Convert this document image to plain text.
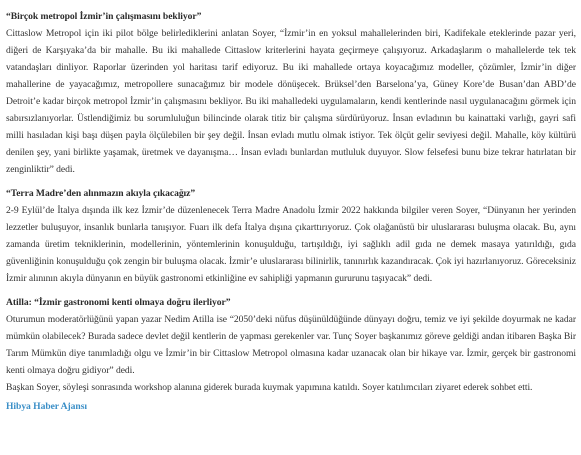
“Birçok metropol İzmir’in çalışmasını bekliyor”

Cittaslow Metropol için iki pilot bölge belirlediklerini anlatan Soyer, “İzmir’in en yoksul mahallelerinden biri, Kadifekale eteklerinde pazar yeri, diğeri de Karşıyaka’da bir mahalle. Bu iki mahallede Cittaslow kriterlerini hayata geçirmeye çalışıyoruz. Arkadaşlarım o mahallelerde tek tek vatandaşları dinliyor. Raporlar üzerinden yol haritası tarif ediyoruz. Bu iki mahallede ortaya koyacağımız modeller, çözümler, İzmir’in diğer mahallerine de yayacağımız, metropollere sunacağımız bir modele dönüşecek. Brüksel’den Barselona’ya, Güney Kore’de Busan’dan ABD’de Detroit’e kadar birçok metropol İzmir’in çalışmasını bekliyor. Bu iki mahalledeki uygulamaların, kendi kentlerinde nasıl uygulanacağını görmek için sabırsızlanıyorlar. Üstlendiğimiz bu sorumluluğun bilincinde olarak titiz bir çalışma sürdürüyoruz. İnsan evladının bu kainattaki varlığı, gayri safi milli hasıladan kişi başı düşen payla ölçülebilen bir şey değil. İnsan evladı mutlu olmak istiyor. Tek ölçüt gelir seviyesi değil. Mahalle, köy kültürü denilen şey, yani birlikte yaşamak, üretmek ve dayanışma… İnsan evladı bunlardan mutluluk duyuyor. Slow felsefesi bunu bize tekrar hatırlatan bir zenginliktir” dedi.

“Terra Madre’den alınmazın akıyla çıkacağız”

2-9 Eylül’de İtalya dışında ilk kez İzmir’de düzenlenecek Terra Madre Anadolu İzmir 2022 hakkında bilgiler veren Soyer, “Dünyanın her yerinden lezzetler buluşuyor, insanlık bunlarla tanışıyor. Fuarı ilk defa İtalya dışına çıkarttırıyoruz. Çok olağanüstü bir uluslararası buluşma olacak. Bu, aynı zamanda üretim tekniklerinin, modellerinin, yöntemlerinin konuşulduğu, tartışıldığı, iyi sağlıklı adil gıda ne demek masaya yatırıldığı, gıda güvenliğinin konuşulduğu çok zengin bir buluşma olacak. İzmir’e uluslararası bilinirlik, tanınırlık kazandıracak. Çok iyi hazırlanıyoruz. Göreceksiniz İzmir alınının akıyla dünyanın en büyük gastronomi etkinliğine ev sahipliği yapmanın gururunu taşıyacak” dedi.

Atilla: “İzmir gastronomi kenti olmaya doğru ilerliyor”

Oturumun moderatörlüğünü yapan yazar Nedim Atilla ise “2050’deki nüfus düşünüldüğünde dünyayı doğru, temiz ve iyi şekilde doyurmak ne kadar mümkün olabilecek? Burada sadece devlet değil kentlerin de yapması gerekenler var. Tunç Soyer başkanımız göreve geldiği andan itibaren Başka Bir Tarım Mümkün diye tanımladığı olgu ve İzmir’in bir Cittaslow Metropol olmasına kadar uzanacak olan bir hikaye var. İzmir, gerçek bir gastronomi kenti olmaya doğru gidiyor” dedi.

Başkan Soyer, söyleşi sonrasında workshop alanına giderek burada kuymak yapımına katıldı. Soyer katılımcıları ziyaret ederek sohbet etti.

Hibya Haber Ajansı
